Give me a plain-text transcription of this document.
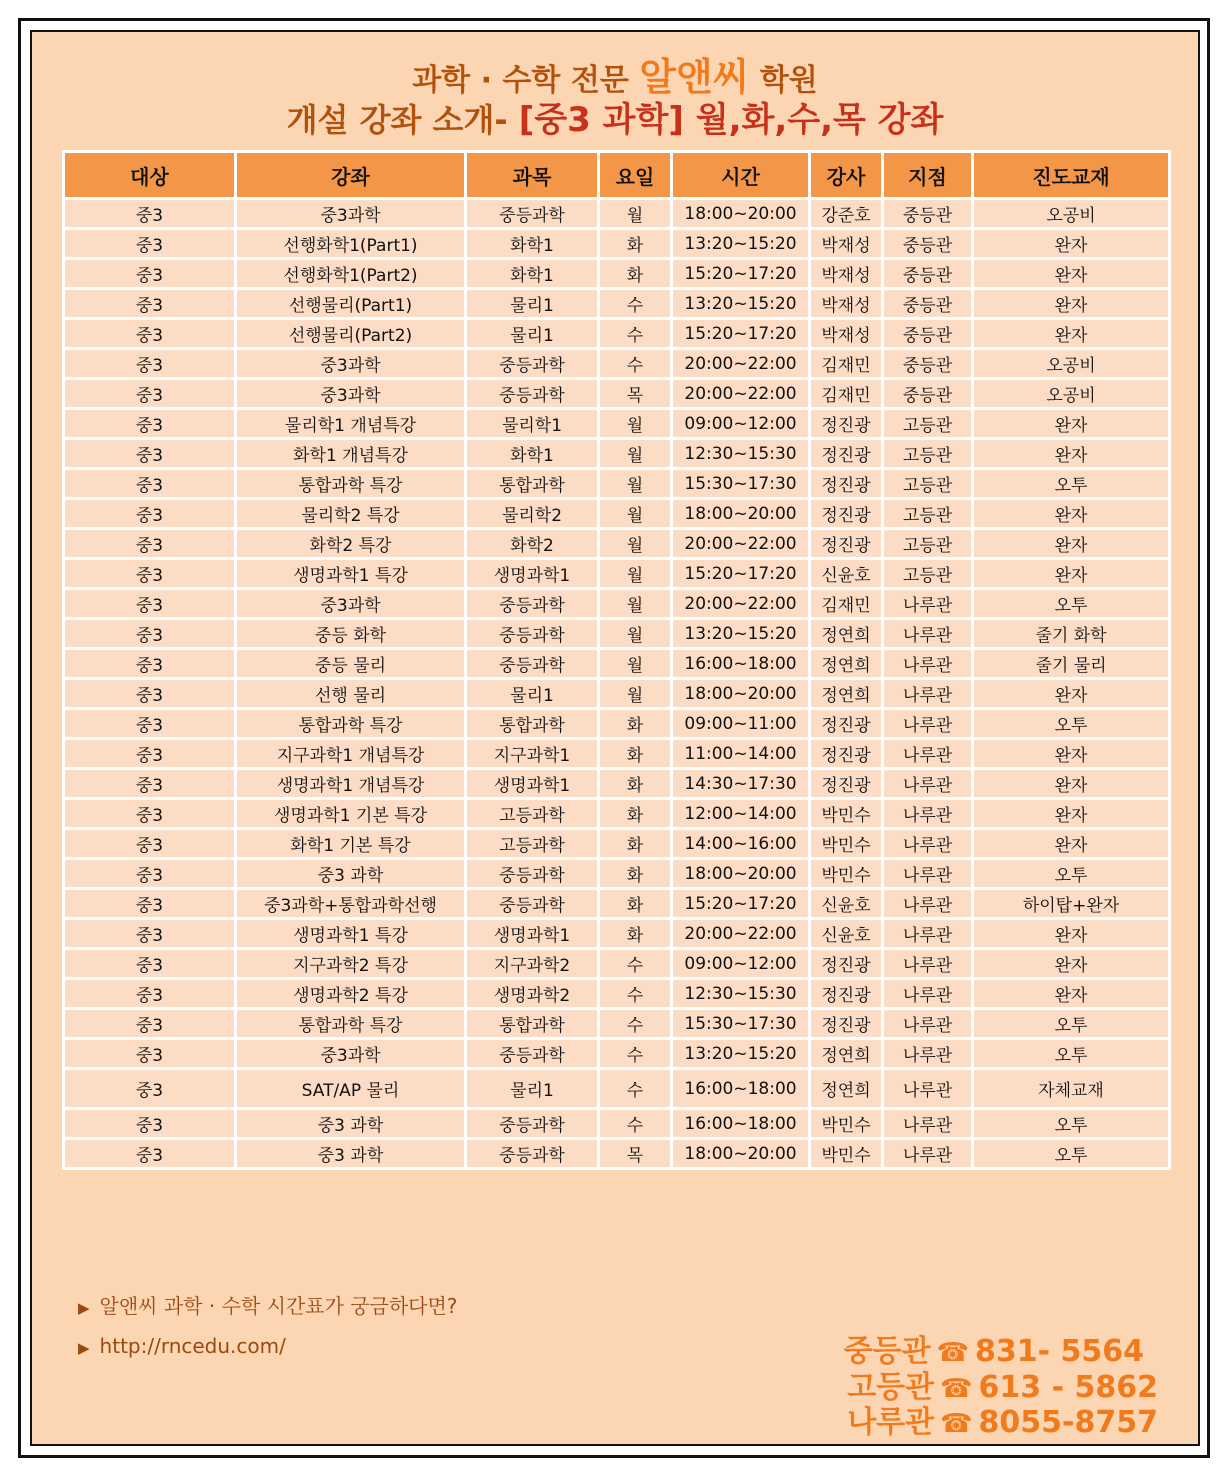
과학 · 수학 전문 알앤씨 학원
개설 강좌 소개- [중3 과학] 월,화,수,목 강좌
대상	강좌	과목	요일	시간	강사	지점	진도교재
중3	중3과학	중등과학	월	18:00~20:00	강준호	중등관	오공비
중3	선행화학1(Part1)	화학1	화	13:20~15:20	박재성	중등관	완자
중3	선행화학1(Part2)	화학1	화	15:20~17:20	박재성	중등관	완자
중3	선행물리(Part1)	물리1	수	13:20~15:20	박재성	중등관	완자
중3	선행물리(Part2)	물리1	수	15:20~17:20	박재성	중등관	완자
중3	중3과학	중등과학	수	20:00~22:00	김재민	중등관	오공비
중3	중3과학	중등과학	목	20:00~22:00	김재민	중등관	오공비
중3	물리학1 개념특강	물리학1	월	09:00~12:00	정진광	고등관	완자
중3	화학1 개념특강	화학1	월	12:30~15:30	정진광	고등관	완자
중3	통합과학 특강	통합과학	월	15:30~17:30	정진광	고등관	오투
중3	물리학2 특강	물리학2	월	18:00~20:00	정진광	고등관	완자
중3	화학2 특강	화학2	월	20:00~22:00	정진광	고등관	완자
중3	생명과학1 특강	생명과학1	월	15:20~17:20	신윤호	고등관	완자
중3	중3과학	중등과학	월	20:00~22:00	김재민	나루관	오투
중3	중등 화학	중등과학	월	13:20~15:20	정연희	나루관	줄기 화학
중3	중등 물리	중등과학	월	16:00~18:00	정연희	나루관	줄기 물리
중3	선행 물리	물리1	월	18:00~20:00	정연희	나루관	완자
중3	통합과학 특강	통합과학	화	09:00~11:00	정진광	나루관	오투
중3	지구과학1 개념특강	지구과학1	화	11:00~14:00	정진광	나루관	완자
중3	생명과학1 개념특강	생명과학1	화	14:30~17:30	정진광	나루관	완자
중3	생명과학1 기본 특강	고등과학	화	12:00~14:00	박민수	나루관	완자
중3	화학1 기본 특강	고등과학	화	14:00~16:00	박민수	나루관	완자
중3	중3 과학	중등과학	화	18:00~20:00	박민수	나루관	오투
중3	중3과학+통합과학선행	중등과학	화	15:20~17:20	신윤호	나루관	하이탑+완자
중3	생명과학1 특강	생명과학1	화	20:00~22:00	신윤호	나루관	완자
중3	지구과학2 특강	지구과학2	수	09:00~12:00	정진광	나루관	완자
중3	생명과학2 특강	생명과학2	수	12:30~15:30	정진광	나루관	완자
중3	통합과학 특강	통합과학	수	15:30~17:30	정진광	나루관	오투
중3	중3과학	중등과학	수	13:20~15:20	정연희	나루관	오투
중3	SAT/AP 물리	물리1	수	16:00~18:00	정연희	나루관	자체교재
중3	중3 과학	중등과학	수	16:00~18:00	박민수	나루관	오투
중3	중3 과학	중등과학	목	18:00~20:00	박민수	나루관	오투
▶ 알앤씨 과학 · 수학 시간표가 궁금하다면?
▶ http://rncedu.com/	중등관 ☎ 831- 5564
고등관 ☎ 613 - 5862
나루관 ☎ 8055-8757
